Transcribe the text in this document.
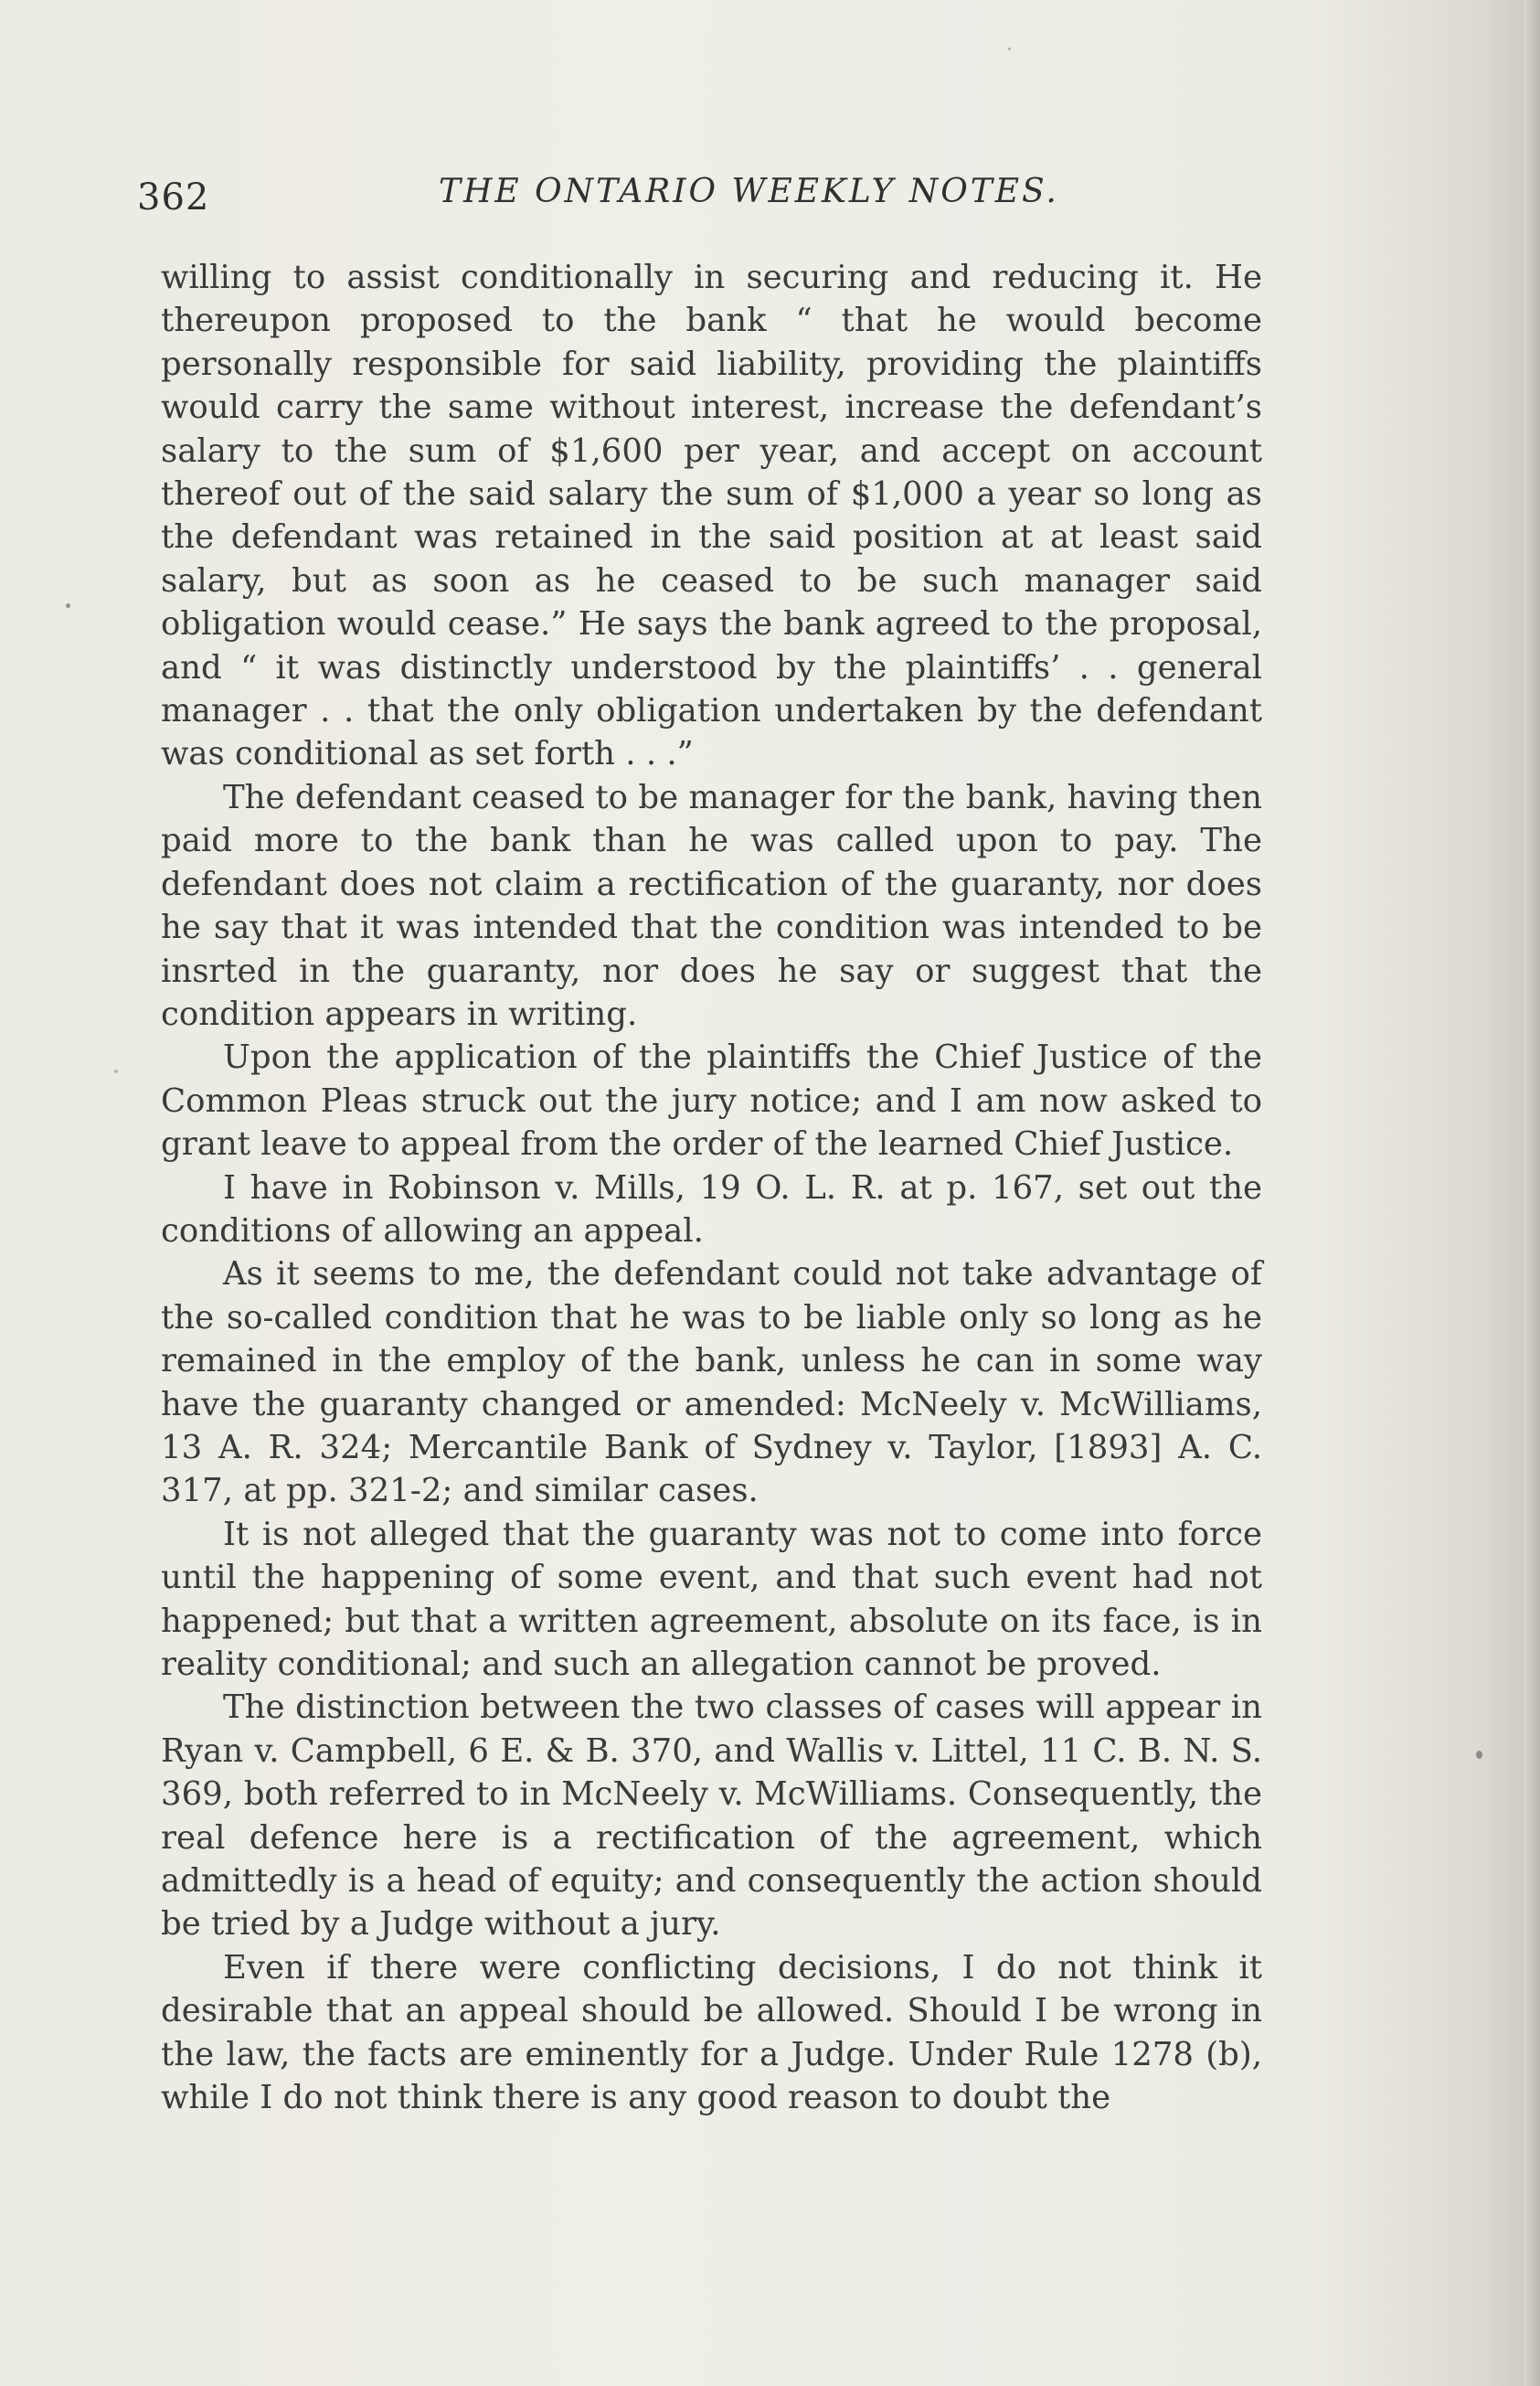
362	THE ONTARIO WEEKLY NOTES.

willing to assist conditionally in securing and reducing it. He thereupon proposed to the bank “ that he would become personally responsible for said liability, providing the plaintiffs would carry the same without interest, increase the defendant’s salary to the sum of $1,600 per year, and accept on account thereof out of the said salary the sum of $1,000 a year so long as the defendant was retained in the said position at at least said salary, but as soon as he ceased to be such manager said obligation would cease.” He says the bank agreed to the proposal, and “ it was distinctly understood by the plaintiffs’ . . general manager . . that the only obligation undertaken by the defendant was conditional as set forth . . .”

The defendant ceased to be manager for the bank, having then paid more to the bank than he was called upon to pay. The defendant does not claim a rectification of the guaranty, nor does he say that it was intended that the condition was intended to be insrted in the guaranty, nor does he say or suggest that the condition appears in writing.

Upon the application of the plaintiffs the Chief Justice of the Common Pleas struck out the jury notice; and I am now asked to grant leave to appeal from the order of the learned Chief Justice.

I have in Robinson v. Mills, 19 O. L. R. at p. 167, set out the conditions of allowing an appeal.

As it seems to me, the defendant could not take advantage of the so-called condition that he was to be liable only so long as he remained in the employ of the bank, unless he can in some way have the guaranty changed or amended: McNeely v. McWilliams, 13 A. R. 324; Mercantile Bank of Sydney v. Taylor, [1893] A. C. 317, at pp. 321-2; and similar cases.

It is not alleged that the guaranty was not to come into force until the happening of some event, and that such event had not happened; but that a written agreement, absolute on its face, is in reality conditional; and such an allegation cannot be proved.

The distinction between the two classes of cases will appear in Ryan v. Campbell, 6 E. & B. 370, and Wallis v. Littel, 11 C. B. N. S. 369, both referred to in McNeely v. McWilliams. Consequently, the real defence here is a rectification of the agreement, which admittedly is a head of equity; and consequently the action should be tried by a Judge without a jury.

Even if there were conflicting decisions, I do not think it desirable that an appeal should be allowed. Should I be wrong in the law, the facts are eminently for a Judge. Under Rule 1278 (b), while I do not think there is any good reason to doubt the
